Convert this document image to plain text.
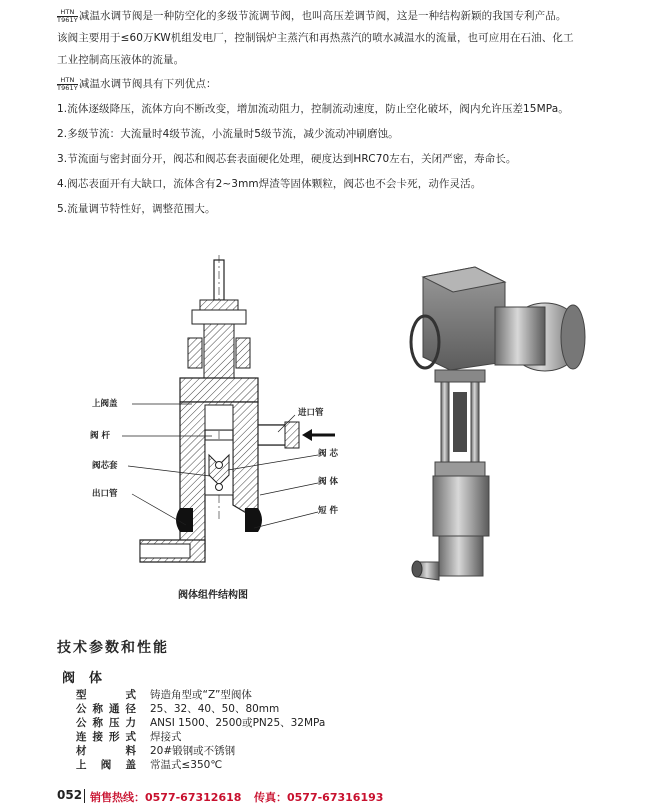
HTN
T961Y 减温水调节阀是一种防空化的多级节流调节阀，也叫高压差调节阀，这是一种结构新颖的我国专利产品。
该阀主要用于≤60万KW机组发电厂，控制锅炉主蒸汽和再热蒸汽的喷水减温水的流量，也可应用在石油、化工
工业控制高压液体的流量。
HTN
T961Y 减温水调节阀具有下列优点：
1.流体逐级降压，流体方向不断改变，增加流动阻力，控制流动速度，防止空化破坏，阀内允许压差15MPa。
2.多级节流：大流量时4级节流，小流量时5级节流，减少流动冲刷磨蚀。
3.节流面与密封面分开，阀芯和阀芯套表面硬化处理，硬度达到HRC70左右，关闭严密，寿命长。
4.阀芯表面开有大缺口，流体含有2~3mm焊渣等固体颗粒，阀芯也不会卡死，动作灵活。
5.流量调节特性好，调整范围大。
上阀盖
阀 杆
阀芯套
出口管
进口管
阀 芯
阀 体
短 件
阀体组件结构图
技术参数和性能
阀体
型式 铸造角型或“Z”型阀体
公称通径 25、32、40、50、80mm
公称压力 ANSI 1500、2500或PN25、32MPa
连接形式 焊接式
材料 20#锻钢或不锈钢
上阀盖 常温式≤350℃
052 销售热线：0577-67312618 传真：0577-67316193
